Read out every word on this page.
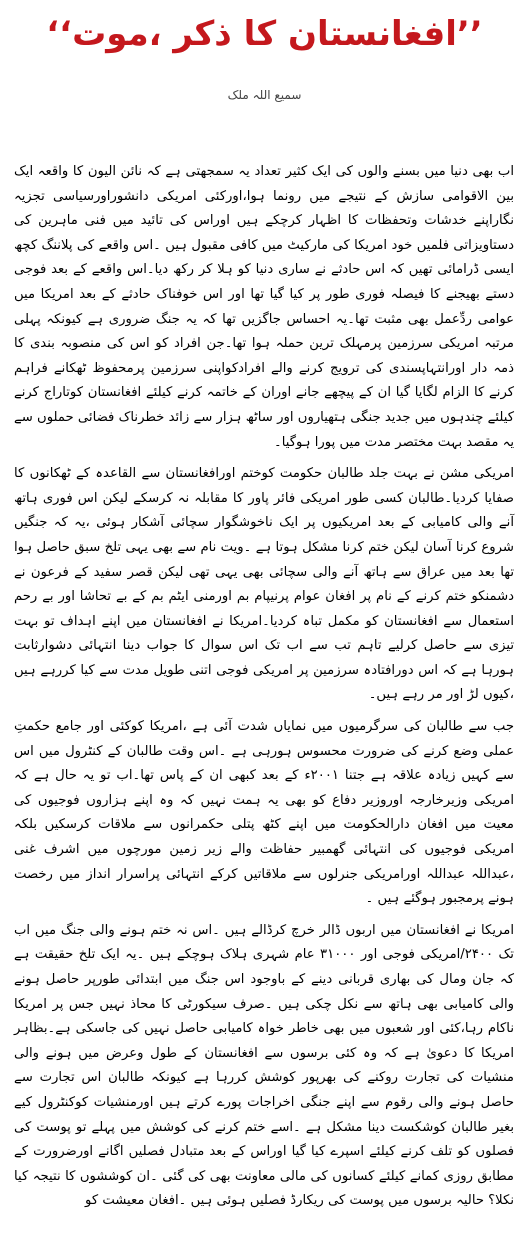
’’افغانستان کا ذکر ،موت‘‘
سمیع اللہ ملک

اب بھی دنیا میں بسنے والوں کی ایک کثیر تعداد یہ سمجھتی ہے کہ نائن الیون کا واقعہ ایک بین الاقوامی سازش کے نتیجے میں رونما ہوا،اورکئی امریکی دانشوراورسیاسی تجزیہ نگاراپنے خدشات وتحفظات کا اظہار کرچکے ہیں اوراس کی تائید میں فنی ماہرین کی دستاویزاتی فلمیں خود امریکا کی مارکیٹ میں کافی مقبول ہیں ۔اس واقعے کی پلاننگ کچھ ایسی ڈرامائی تھیں کہ اس حادثے نے ساری دنیا کو ہلا کر رکھ دیا۔اس واقعے کے بعد فوجی دستے بھیجنے کا فیصلہ فوری طور پر کیا گیا تھا اور اس خوفناک حادثے کے بعد امریکا میں عوامی ردِّعمل بھی مثبت تھا۔یہ احساس جاگزیں تھا کہ یہ جنگ ضروری ہے کیونکہ پہلی مرتبہ امریکی سرزمین پرمہلک ترین حملہ ہوا تھا۔جن افراد کو اس کی منصوبہ بندی کا ذمہ دار اورانتہاپسندی کی ترویج کرنے والے افرادکواپنی سرزمین پرمحفوظ ٹھکانے فراہم کرنے کا الزام لگایا گیا ان کے پیچھے جانے اوران کے خاتمہ کرنے کیلئے افغانستان کوتاراج کرنے کیلئے چندہوں میں جدید جنگی ہتھیاروں اور ساٹھ ہزار سے زائد خطرناک فضائی حملوں سے یہ مقصد بہت مختصر مدت میں پورا ہوگیا۔

امریکی مشن نے بہت جلد طالبان حکومت کوختم اورافغانستان سے القاعدہ کے ٹھکانوں کا صفایا کردیا۔طالبان کسی طور امریکی فائر پاور کا مقابلہ نہ کرسکے لیکن اس فوری ہاتھ آنے والی کامیابی کے بعد امریکیوں پر ایک ناخوشگوار سچائی آشکار ہوئی ،یہ کہ جنگیں شروع کرنا آسان لیکن ختم کرنا مشکل ہوتا ہے ۔ویت نام سے بھی یہی تلخ سبق حاصل ہوا تھا بعد میں عراق سے ہاتھ آنے والی سچائی بھی یہی تھی لیکن قصر سفید کے فرعون نے دشمنکو ختم کرنے کے نام پر افغان عوام پرنیپام بم اورمنی ایٹم بم کے بے تحاشا اور بے رحم استعمال سے افغانستان کو مکمل تباہ کردیا۔امریکا نے افغانستان میں اپنے اہداف تو بہت تیزی سے حاصل کرلیے تاہم تب سے اب تک اس سوال کا جواب دینا انتہائی دشوارثابت ہورہا ہے کہ اس دورافتادہ سرزمین پر امریکی فوجی اتنی طویل مدت سے کیا کررہے ہیں ،کیوں لڑ اور مر رہے ہیں۔

جب سے طالبان کی سرگرمیوں میں نمایاں شدت آئی ہے ،امریکا کوکئی اور جامع حکمتِ عملی وضع کرنے کی ضرورت محسوس ہورہی ہے ۔اس وقت طالبان کے کنٹرول میں اس سے کہیں زیادہ علاقہ ہے جتنا ۲۰۰۱ء کے بعد کبھی ان کے پاس تھا۔اب تو یہ حال ہے کہ امریکی وزیرخارجہ اوروزیر دفاع کو بھی یہ ہمت نہیں کہ وہ اپنے ہزاروں فوجیوں کی معیت میں افغان دارالحکومت میں اپنے کٹھ پتلی حکمرانوں سے ملاقات کرسکیں بلکہ امریکی فوجیوں کی انتہائی گھمبیر حفاظت والے زیر زمین مورچوں میں اشرف غنی ،عبداللہ عبداللہ اورامریکی جنرلوں سے ملاقاتیں کرکے انتہائی پراسرار انداز میں رخصت ہونے پرمجبور ہوگئے ہیں ۔

امریکا نے افغانستان میں اربوں ڈالر خرچ کرڈالے ہیں ۔اس نہ ختم ہونے والی جنگ میں اب تک ۲۴۰۰/امریکی فوجی اور ۳۱۰۰۰ عام شہری ہلاک ہوچکے ہیں ۔یہ ایک تلخ حقیقت ہے کہ جان ومال کی بھاری قربانی دینے کے باوجود اس جنگ میں ابتدائی طورپر حاصل ہونے والی کامیابی بھی ہاتھ سے نکل چکی ہیں ۔صرف سیکورٹی کا محاذ نہیں جس پر امریکا ناکام رہا،کئی اور شعبوں میں بھی خاطر خواہ کامیابی حاصل نہیں کی جاسکی ہے۔بظاہر امریکا کا دعویٰ ہے کہ وہ کئی برسوں سے افغانستان کے طول وعرض میں ہونے والی منشیات کی تجارت روکنے کی بھرپور کوشش کررہا ہے کیونکہ طالبان اس تجارت سے حاصل ہونے والی رقوم سے اپنے جنگی اخراجات پورے کرتے ہیں اورمنشیات کوکنٹرول کیے بغیر طالبان کوشکست دینا مشکل ہے ۔اسے ختم کرنے کی کوشش میں پہلے تو پوست کی فصلوں کو تلف کرنے کیلئے اسپرے کیا گیا اوراس کے بعد متبادل فصلیں اگانے اورضرورت کے مطابق روزی کمانے کیلئے کسانوں کی مالی معاونت بھی کی گئی ۔ان کوششوں کا نتیجہ کیا نکلا؟ حالیہ برسوں میں پوست کی ریکارڈ فصلیں ہوئی ہیں ۔افغان معیشت کو
